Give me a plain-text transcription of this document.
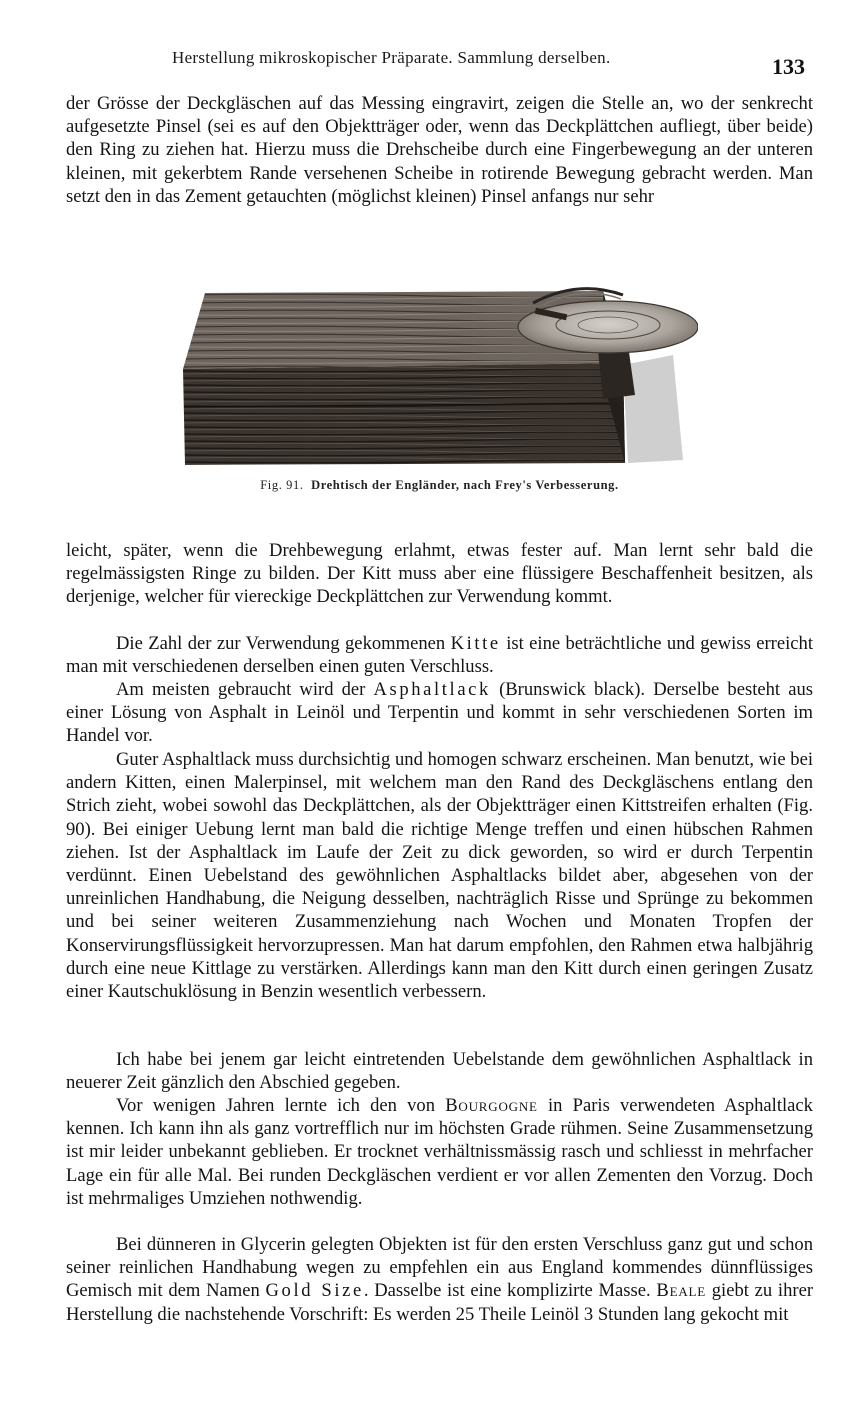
Herstellung mikroskopischer Präparate. Sammlung derselben.	133

der Grösse der Deckgläschen auf das Messing eingravirt, zeigen die Stelle an, wo der senkrecht aufgesetzte Pinsel (sei es auf den Objektträger oder, wenn das Deckplättchen aufliegt, über beide) den Ring zu ziehen hat. Hierzu muss die Drehscheibe durch eine Fingerbewegung an der unteren kleinen, mit gekerbtem Rande versehenen Scheibe in rotirende Bewegung gebracht werden. Man setzt den in das Zement getauchten (möglichst kleinen) Pinsel anfangs nur sehr

Fig. 91. Drehtisch der Engländer, nach Frey's Verbesserung.

leicht, später, wenn die Drehbewegung erlahmt, etwas fester auf. Man lernt sehr bald die regelmässigsten Ringe zu bilden. Der Kitt muss aber eine flüssigere Beschaffenheit besitzen, als derjenige, welcher für viereckige Deckplättchen zur Verwendung kommt.

Die Zahl der zur Verwendung gekommenen Kitte ist eine beträchtliche und gewiss erreicht man mit verschiedenen derselben einen guten Verschluss.

Am meisten gebraucht wird der Asphaltlack (Brunswick black). Derselbe besteht aus einer Lösung von Asphalt in Leinöl und Terpentin und kommt in sehr verschiedenen Sorten im Handel vor.

Guter Asphaltlack muss durchsichtig und homogen schwarz erscheinen. Man benutzt, wie bei andern Kitten, einen Malerpinsel, mit welchem man den Rand des Deckgläschens entlang den Strich zieht, wobei sowohl das Deckplättchen, als der Objektträger einen Kittstreifen erhalten (Fig. 90). Bei einiger Uebung lernt man bald die richtige Menge treffen und einen hübschen Rahmen ziehen. Ist der Asphaltlack im Laufe der Zeit zu dick geworden, so wird er durch Terpentin verdünnt. Einen Uebelstand des gewöhnlichen Asphaltlacks bildet aber, abgesehen von der unreinlichen Handhabung, die Neigung desselben, nachträglich Risse und Sprünge zu bekommen und bei seiner weiteren Zusammenziehung nach Wochen und Monaten Tropfen der Konservirungsflüssigkeit hervorzupressen. Man hat darum empfohlen, den Rahmen etwa halbjährig durch eine neue Kittlage zu verstärken. Allerdings kann man den Kitt durch einen geringen Zusatz einer Kautschuklösung in Benzin wesentlich verbessern.

Ich habe bei jenem gar leicht eintretenden Uebelstande dem gewöhnlichen Asphaltlack in neuerer Zeit gänzlich den Abschied gegeben.

Vor wenigen Jahren lernte ich den von Bourgogne in Paris verwendeten Asphaltlack kennen. Ich kann ihn als ganz vortrefflich nur im höchsten Grade rühmen. Seine Zusammensetzung ist mir leider unbekannt geblieben. Er trocknet verhältnissmässig rasch und schliesst in mehrfacher Lage ein für alle Mal. Bei runden Deckgläschen verdient er vor allen Zementen den Vorzug. Doch ist mehrmaliges Umziehen nothwendig.

Bei dünneren in Glycerin gelegten Objekten ist für den ersten Verschluss ganz gut und schon seiner reinlichen Handhabung wegen zu empfehlen ein aus England kommendes dünnflüssiges Gemisch mit dem Namen Gold Size. Dasselbe ist eine komplizirte Masse. Beale giebt zu ihrer Herstellung die nachstehende Vorschrift: Es werden 25 Theile Leinöl 3 Stunden lang gekocht mit
